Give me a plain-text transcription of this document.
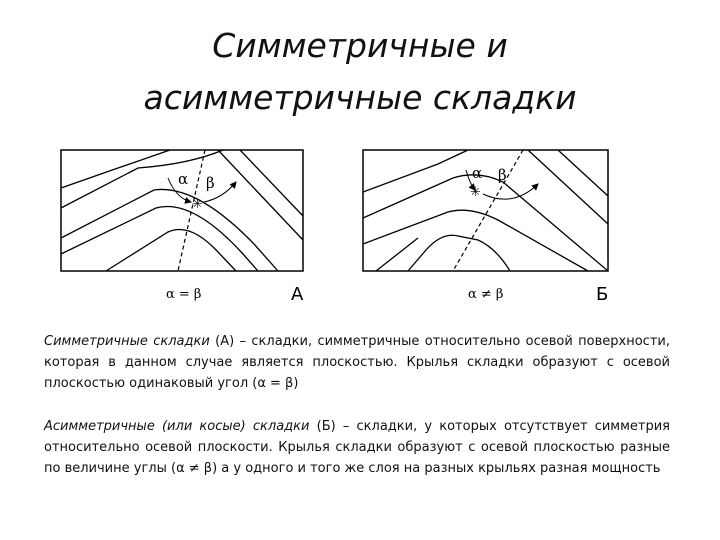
Симметричные и
асимметричные складки
✳
α β
α = β	А
✳
α β
α ≠ β	Б

Симметричные складки (А) – складки, симметричные относительно осевой поверхности, которая в данном случае является плоскостью. Крылья складки образуют с осевой плоскостью одинаковый угол (α = β)

Асимметричные (или косые) складки (Б) – складки, у которых отсутствует симметрия относительно осевой плоскости. Крылья складки образуют с осевой плоскостью разные по величине углы (α ≠ β) а у одного и того же слоя на разных крыльях разная мощность
